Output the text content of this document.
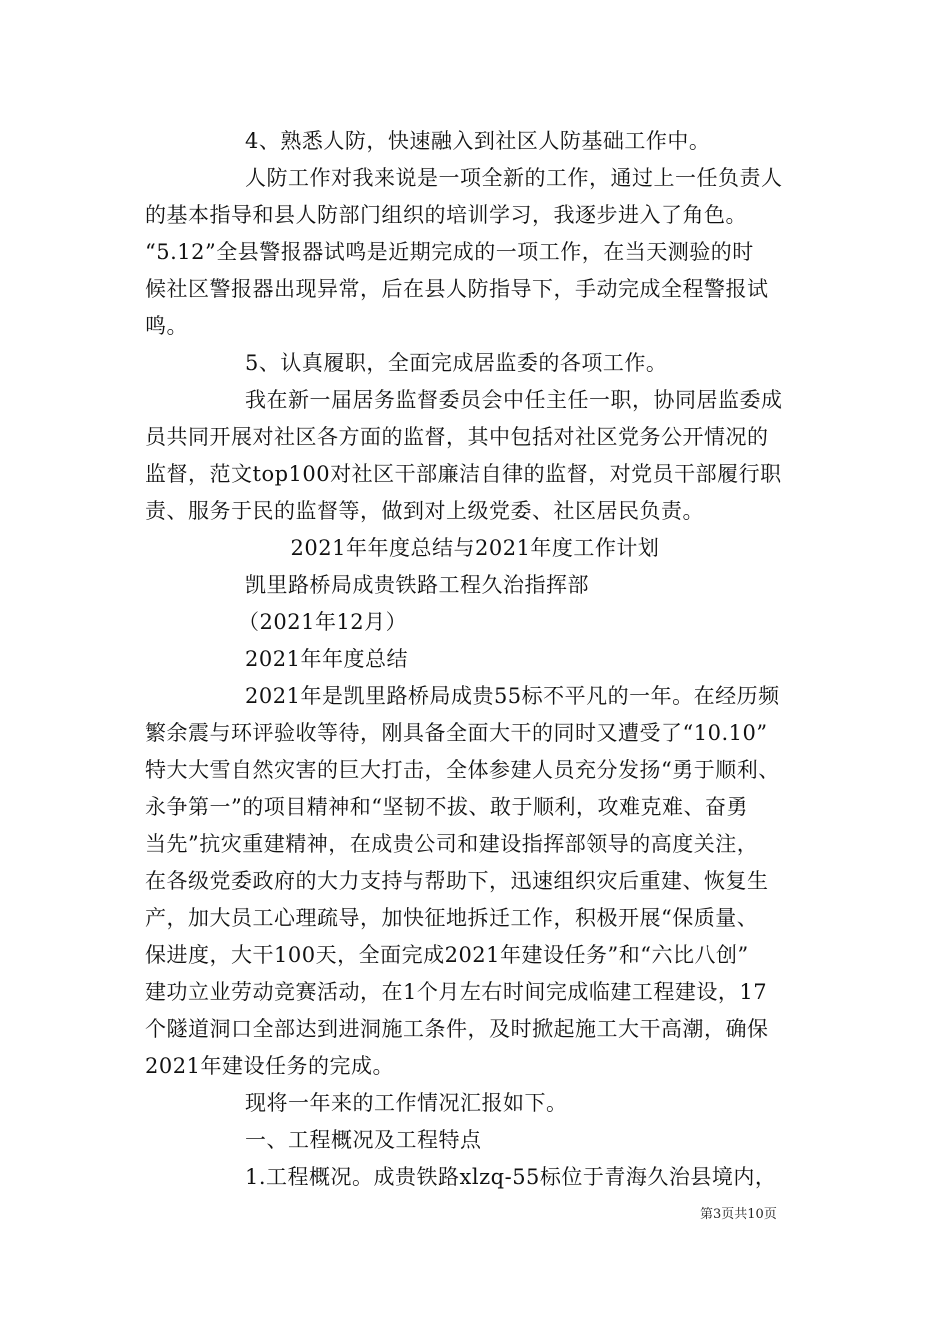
4、熟悉人防，快速融入到社区人防基础工作中。
人防工作对我来说是一项全新的工作，通过上一任负责人
的基本指导和县人防部门组织的培训学习，我逐步进入了角色。
“5.12”全县警报器试鸣是近期完成的一项工作，在当天测验的时
候社区警报器出现异常，后在县人防指导下，手动完成全程警报试
鸣。
5、认真履职，全面完成居监委的各项工作。
我在新一届居务监督委员会中任主任一职，协同居监委成
员共同开展对社区各方面的监督，其中包括对社区党务公开情况的
监督，范文top100对社区干部廉洁自律的监督，对党员干部履行职
责、服务于民的监督等，做到对上级党委、社区居民负责。
2021年年度总结与2021年度工作计划
凯里路桥局成贵铁路工程久治指挥部
（2021年12月）
2021年年度总结
2021年是凯里路桥局成贵55标不平凡的一年。在经历频
繁余震与环评验收等待，刚具备全面大干的同时又遭受了“10.10”
特大大雪自然灾害的巨大打击，全体参建人员充分发扬“勇于顺利、
永争第一”的项目精神和“坚韧不拔、敢于顺利，攻难克难、奋勇
当先”抗灾重建精神，在成贵公司和建设指挥部领导的高度关注，
在各级党委政府的大力支持与帮助下，迅速组织灾后重建、恢复生
产，加大员工心理疏导，加快征地拆迁工作，积极开展“保质量、
保进度，大干100天，全面完成2021年建设任务”和“六比八创”
建功立业劳动竞赛活动，在1个月左右时间完成临建工程建设，17
个隧道洞口全部达到进洞施工条件，及时掀起施工大干高潮，确保
2021年建设任务的完成。
现将一年来的工作情况汇报如下。
一、工程概况及工程特点
1.工程概况。成贵铁路xlzq-55标位于青海久治县境内，
第3页共10页
